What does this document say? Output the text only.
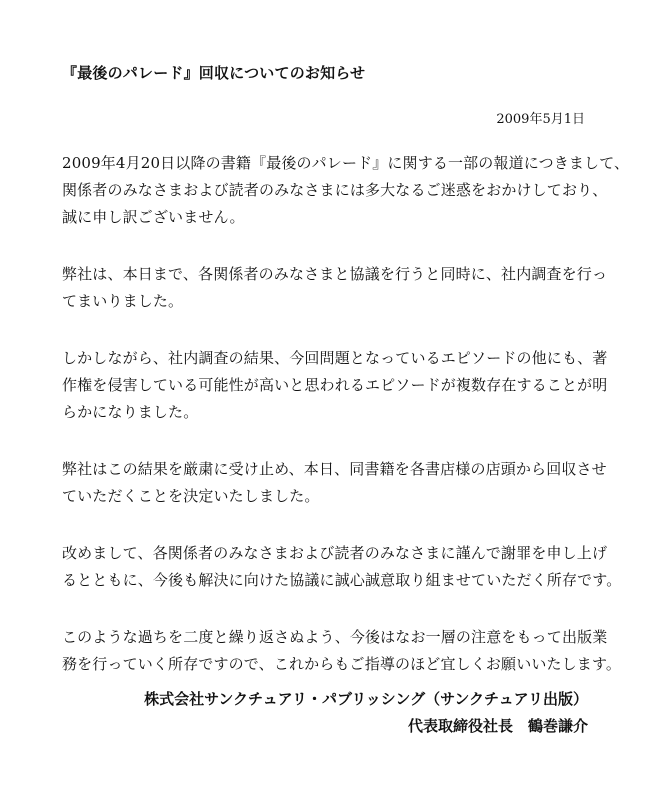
『最後のパレード』回収についてのお知らせ
2009年5月1日
2009年4月20日以降の書籍『最後のパレード』に関する一部の報道につきまして、
関係者のみなさまおよび読者のみなさまには多大なるご迷惑をおかけしており、
誠に申し訳ございません。
弊社は、本日まで、各関係者のみなさまと協議を行うと同時に、社内調査を行っ
てまいりました。
しかしながら、社内調査の結果、今回問題となっているエピソードの他にも、著
作権を侵害している可能性が高いと思われるエピソードが複数存在することが明
らかになりました。
弊社はこの結果を厳粛に受け止め、本日、同書籍を各書店様の店頭から回収させ
ていただくことを決定いたしました。
改めまして、各関係者のみなさまおよび読者のみなさまに謹んで謝罪を申し上げ
るとともに、今後も解決に向けた協議に誠心誠意取り組ませていただく所存です。
このような過ちを二度と繰り返さぬよう、今後はなお一層の注意をもって出版業
務を行っていく所存ですので、これからもご指導のほど宜しくお願いいたします。
株式会社サンクチュアリ・パブリッシング（サンクチュアリ出版）
代表取締役社長　鶴巻謙介
